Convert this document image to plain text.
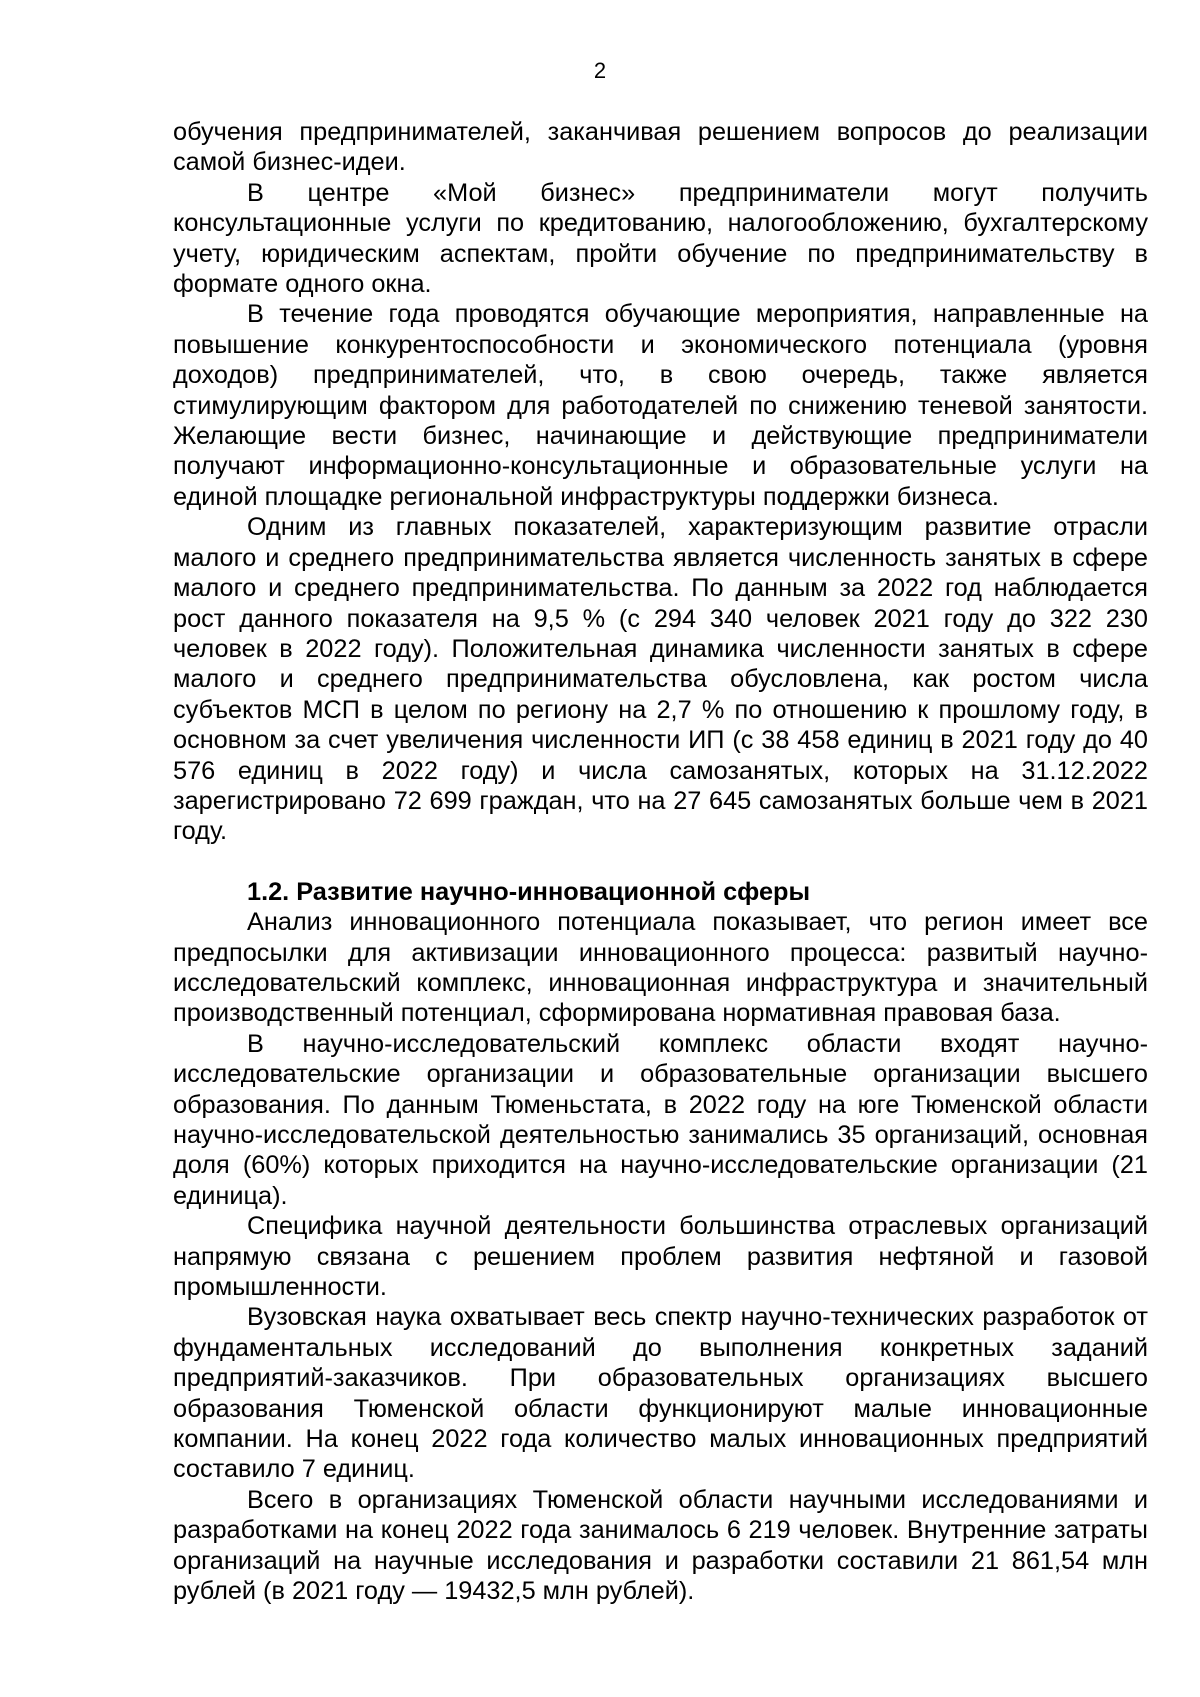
2

обучения предпринимателей, заканчивая решением вопросов до реализации самой бизнес-идеи.

В центре «Мой бизнес» предприниматели могут получить консультационные услуги по кредитованию, налогообложению, бухгалтерскому учету, юридическим аспектам, пройти обучение по предпринимательству в формате одного окна.

В течение года проводятся обучающие мероприятия, направленные на повышение конкурентоспособности и экономического потенциала (уровня доходов) предпринимателей, что, в свою очередь, также является стимулирующим фактором для работодателей по снижению теневой занятости. Желающие вести бизнес, начинающие и действующие предприниматели получают информационно-консультационные и образовательные услуги на единой площадке региональной инфраструктуры поддержки бизнеса.

Одним из главных показателей, характеризующим развитие отрасли малого и среднего предпринимательства является численность занятых в сфере малого и среднего предпринимательства. По данным за 2022 год наблюдается рост данного показателя на 9,5 % (с 294 340 человек 2021 году до 322 230 человек в 2022 году). Положительная динамика численности занятых в сфере малого и среднего предпринимательства обусловлена, как ростом числа субъектов МСП в целом по региону на 2,7 % по отношению к прошлому году, в основном за счет увеличения численности ИП (с 38 458 единиц в 2021 году до 40 576 единиц в 2022 году) и числа самозанятых, которых на 31.12.2022 зарегистрировано 72 699 граждан, что на 27 645 самозанятых больше чем в 2021 году.

1.2. Развитие научно-инновационной сферы

Анализ инновационного потенциала показывает, что регион имеет все предпосылки для активизации инновационного процесса: развитый научно-исследовательский комплекс, инновационная инфраструктура и значительный производственный потенциал, сформирована нормативная правовая база.

В научно-исследовательский комплекс области входят научно-исследовательские организации и образовательные организации высшего образования. По данным Тюменьстата, в 2022 году на юге Тюменской области научно-исследовательской деятельностью занимались 35 организаций, основная доля (60%) которых приходится на научно-исследовательские организации (21 единица).

Специфика научной деятельности большинства отраслевых организаций напрямую связана с решением проблем развития нефтяной и газовой промышленности.

Вузовская наука охватывает весь спектр научно-технических разработок от фундаментальных исследований до выполнения конкретных заданий предприятий-заказчиков. При образовательных организациях высшего образования Тюменской области функционируют малые инновационные компании. На конец 2022 года количество малых инновационных предприятий составило 7 единиц.

Всего в организациях Тюменской области научными исследованиями и разработками на конец 2022 года занималось 6 219 человек. Внутренние затраты организаций на научные исследования и разработки составили 21 861,54 млн рублей (в 2021 году — 19432,5 млн рублей).
